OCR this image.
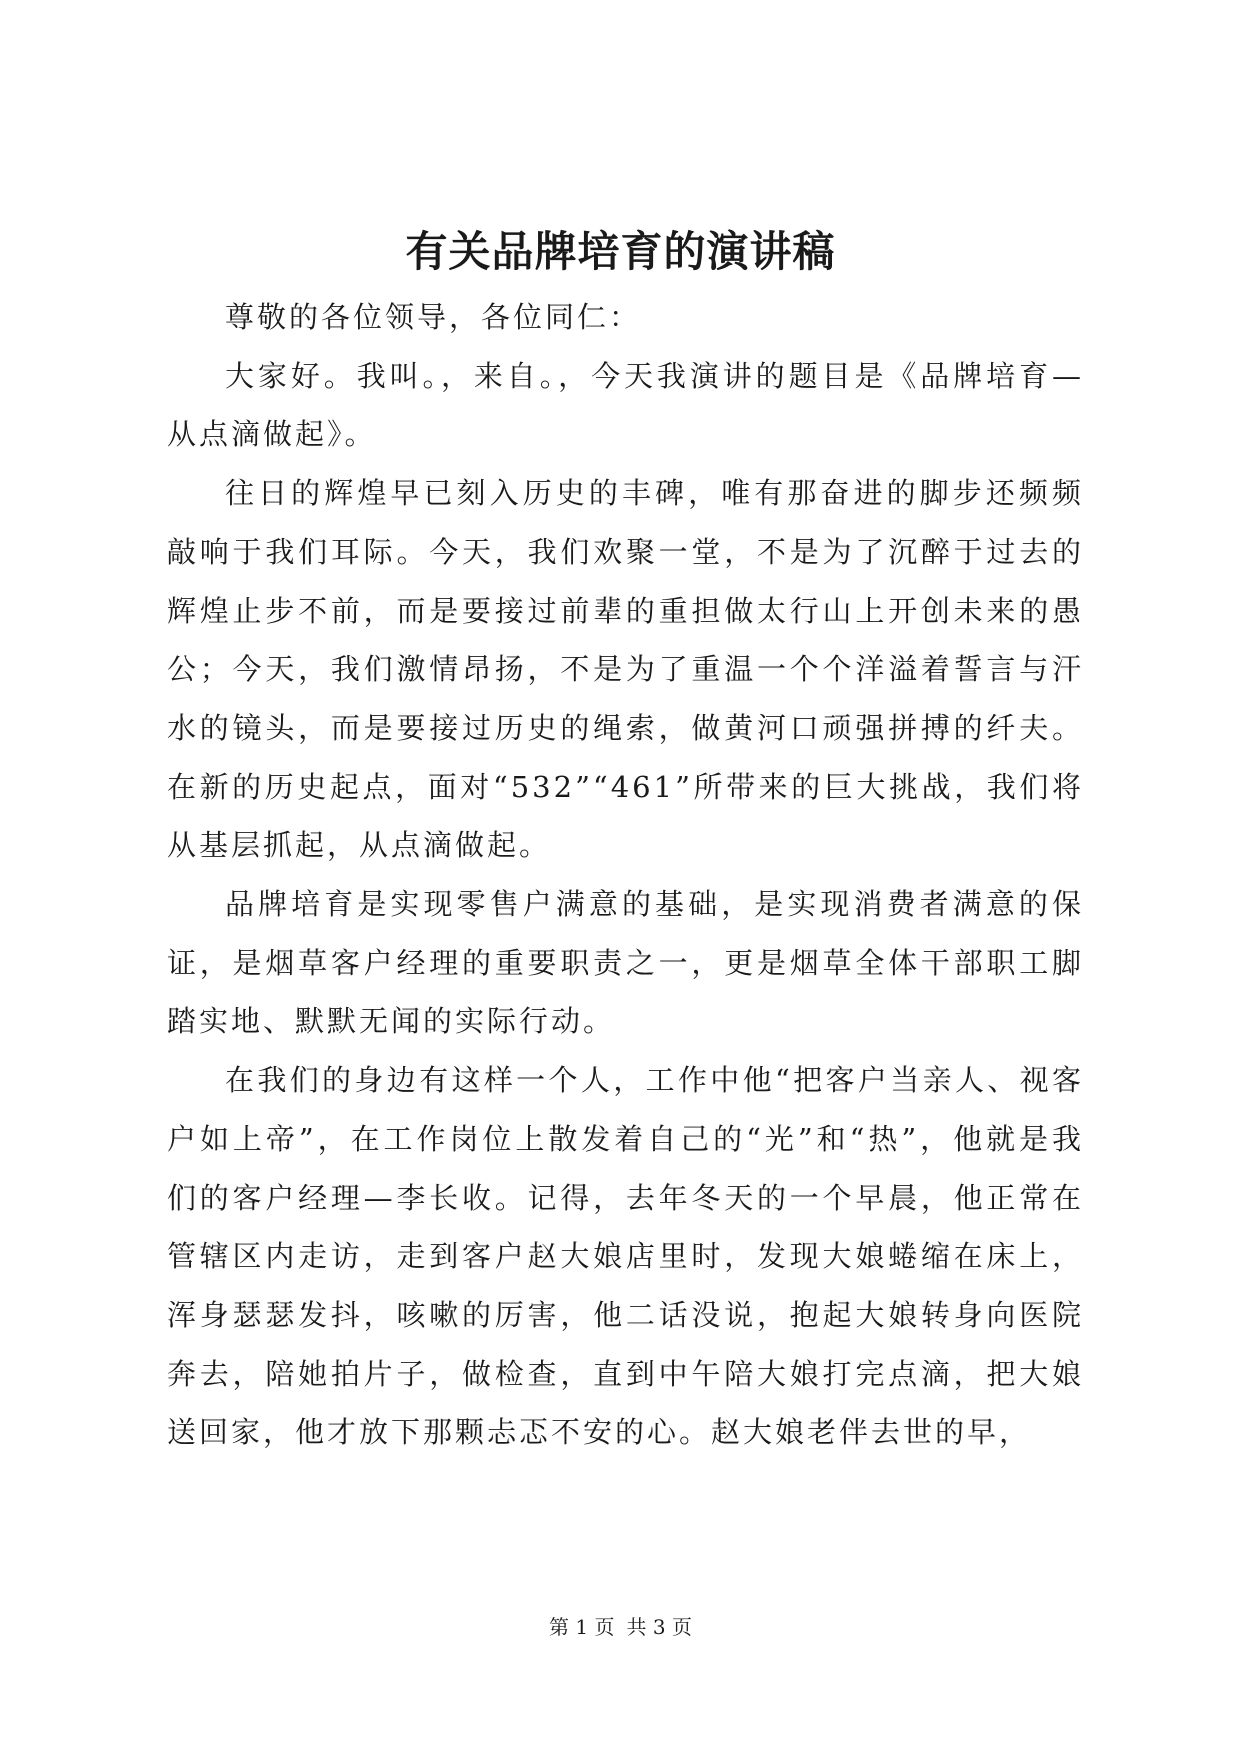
有关品牌培育的演讲稿

尊敬的各位领导，各位同仁：

大家好。我叫。，来自。，今天我演讲的题目是《品牌培育—从点滴做起》。

往日的辉煌早已刻入历史的丰碑，唯有那奋进的脚步还频频敲响于我们耳际。今天，我们欢聚一堂，不是为了沉醉于过去的辉煌止步不前，而是要接过前辈的重担做太行山上开创未来的愚公；今天，我们激情昂扬，不是为了重温一个个洋溢着誓言与汗水的镜头，而是要接过历史的绳索，做黄河口顽强拼搏的纤夫。在新的历史起点，面对“532”“461”所带来的巨大挑战，我们将从基层抓起，从点滴做起。

品牌培育是实现零售户满意的基础，是实现消费者满意的保证，是烟草客户经理的重要职责之一，更是烟草全体干部职工脚踏实地、默默无闻的实际行动。

在我们的身边有这样一个人，工作中他“把客户当亲人、视客户如上帝”，在工作岗位上散发着自己的“光”和“热”，他就是我们的客户经理—李长收。记得，去年冬天的一个早晨，他正常在管辖区内走访，走到客户赵大娘店里时，发现大娘蜷缩在床上，浑身瑟瑟发抖，咳嗽的厉害，他二话没说，抱起大娘转身向医院奔去，陪她拍片子，做检查，直到中午陪大娘打完点滴，把大娘送回家，他才放下那颗忐忑不安的心。赵大娘老伴去世的早，

第 1 页 共 3 页
